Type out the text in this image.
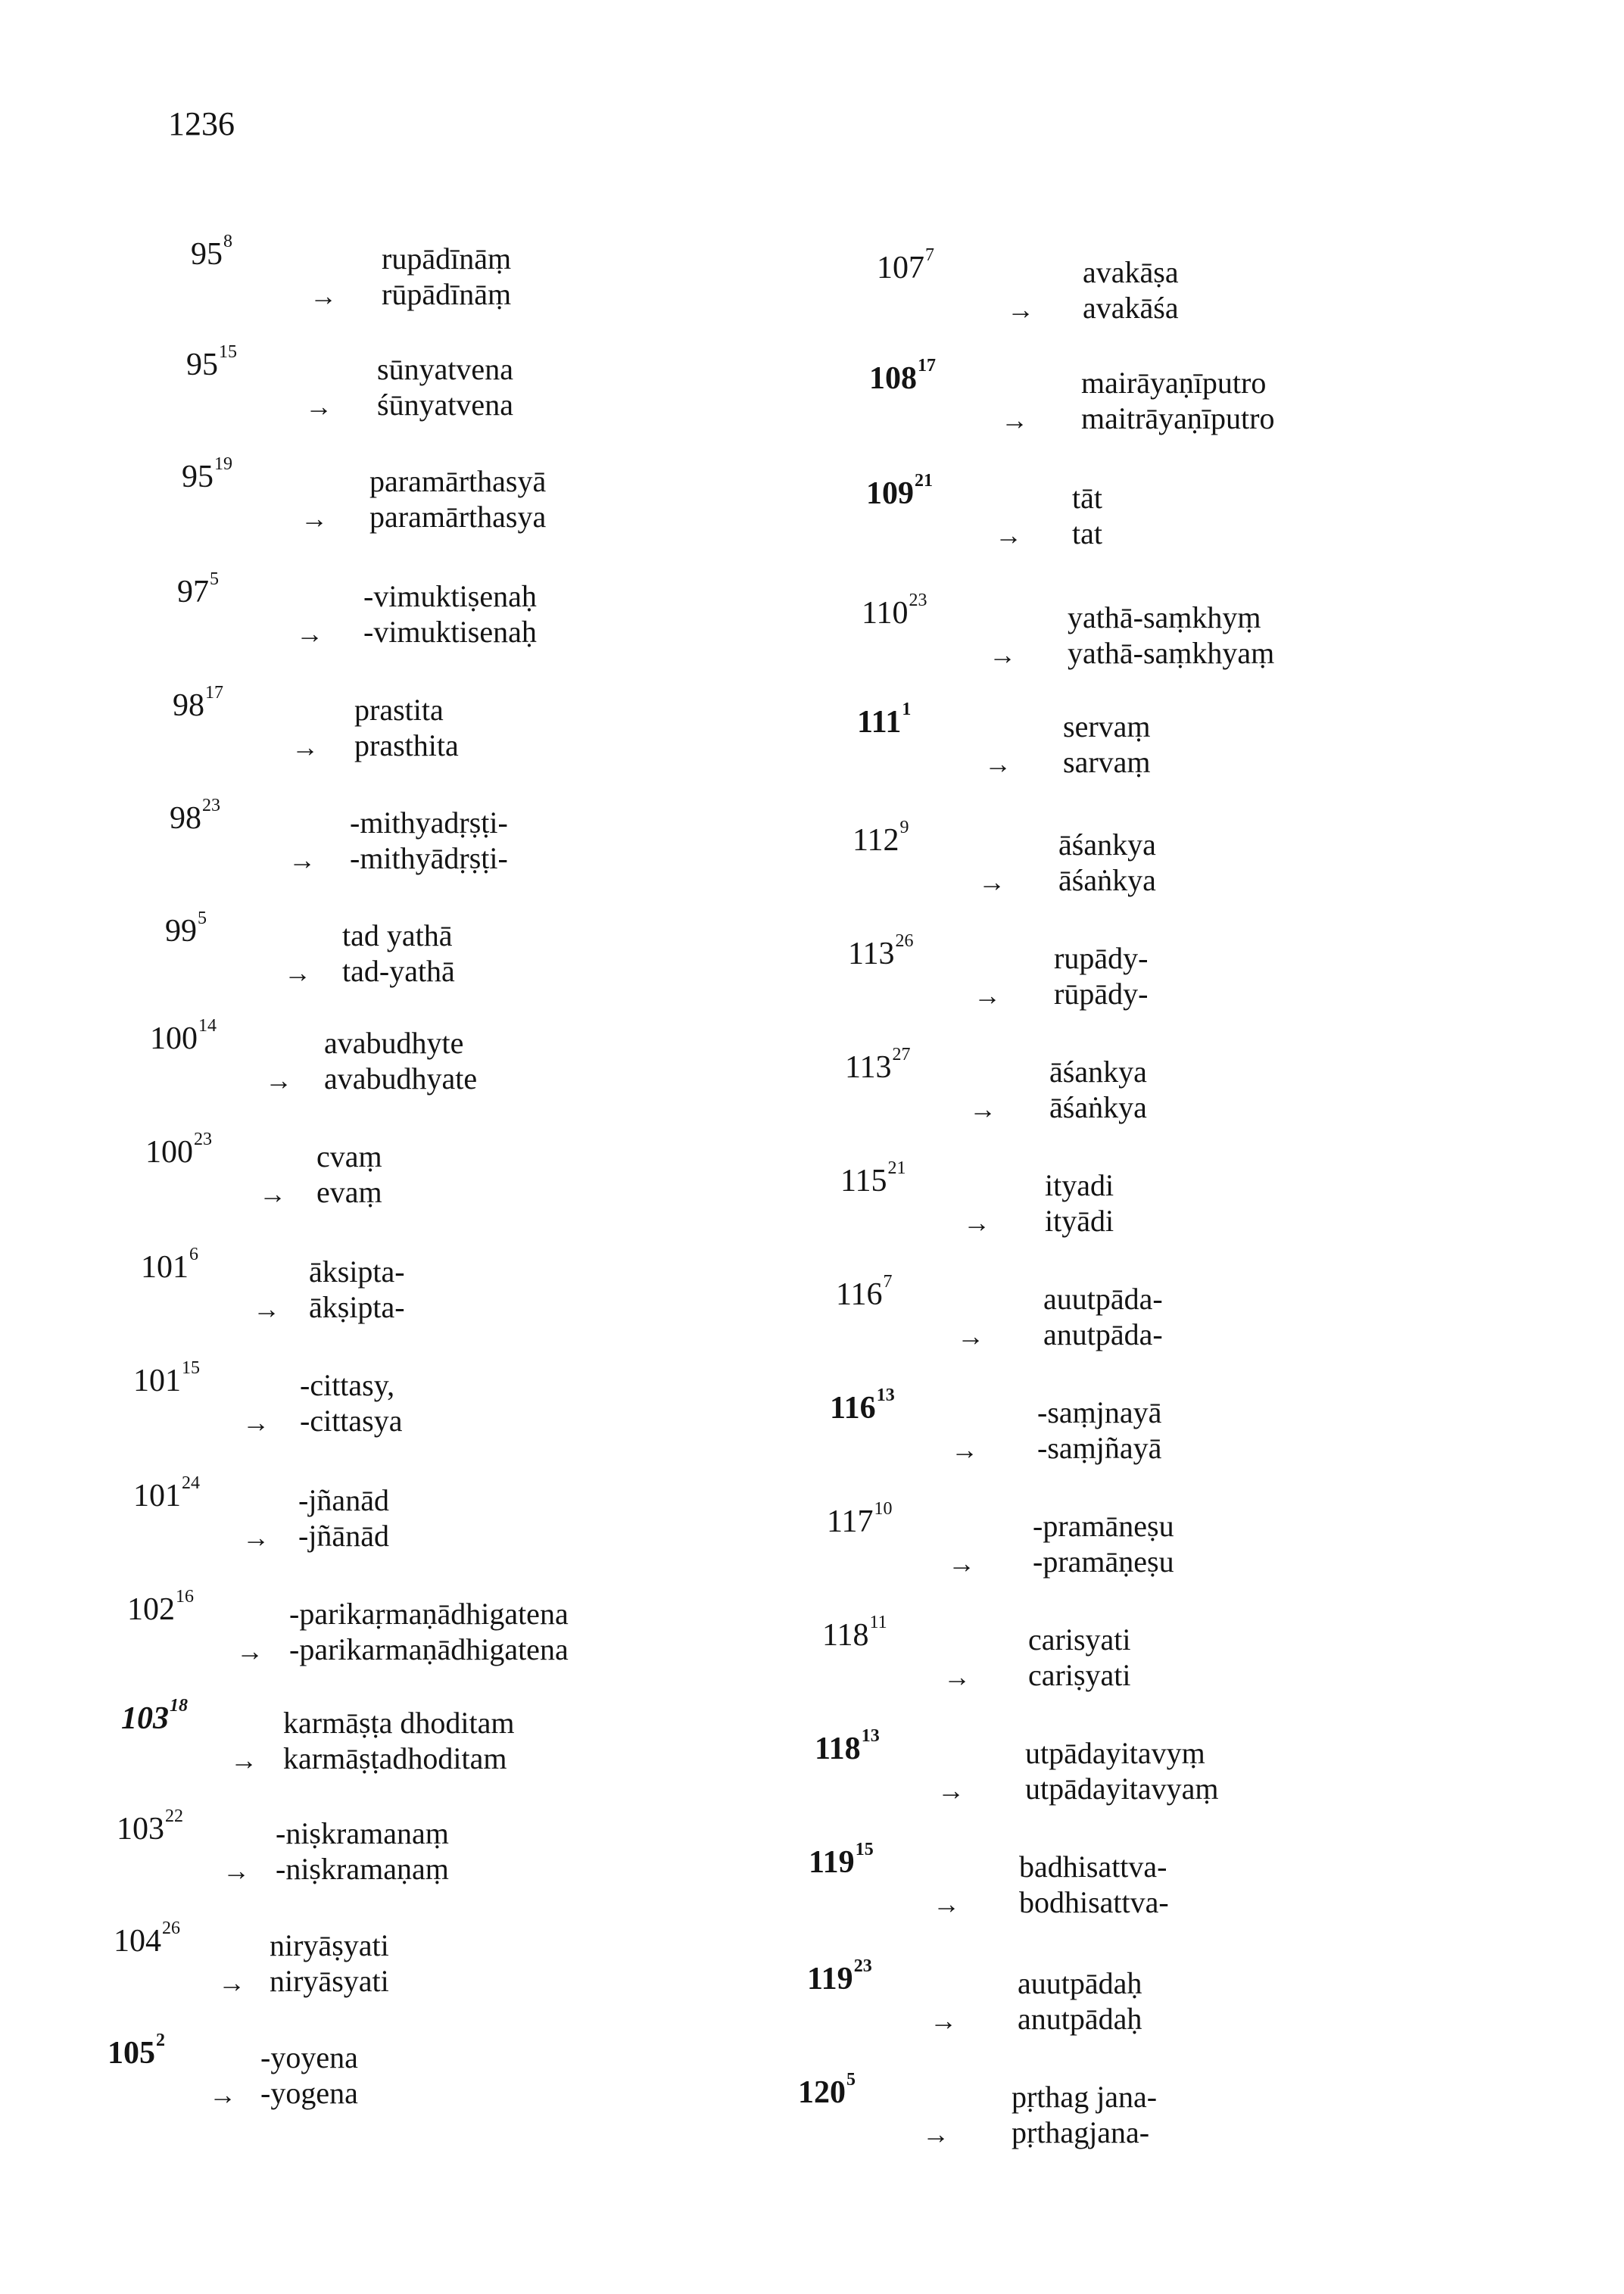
1236
$95^8$	rupādīnāṃ
→ rūpādīnāṃ
$95^{15}$	sūnyatvena
→ śūnyatvena
$95^{19}$	paramārthasyā
→ paramārthasya
$97^5$	-vimuktiṣenaḥ
→ -vimuktisenaḥ
$98^{17}$	prastita
→ prasthita
$98^{23}$	-mithyadṛṣṭi-
→ -mithyādṛṣṭi-
$99^5$	tad yathā
→ tad-yathā
$100^{14}$	avabudhyte
→ avabudhyate
$100^{23}$	cvaṃ
→ evaṃ
$101^6$	āksipta-
→ ākṣipta-
$101^{15}$	-cittasy,
→ -cittasya
$101^{24}$	-jñanād
→ -jñānād
$102^{16}$	-parikaṛmaṇādhigatena
→ -parikarmaṇādhigatena
$103^{18}$	karmāṣṭa dhoditam
→ karmāṣṭadhoditam
$103^{22}$	-niṣkramanaṃ
→ -niṣkramaṇaṃ
$104^{26}$	niryāṣyati
→ niryāsyati
$105^2$	-yoyena
→ -yogena
$107^7$	avakāṣa
→ avakāśa
$108^{17}$	mairāyaṇīputro
→ maitrāyaṇīputro
$109^{21}$	tāt
→ tat
$110^{23}$	yathā-saṃkhyṃ
→ yathā-saṃkhyaṃ
$111^1$	servaṃ
→ sarvaṃ
$112^9$	āśankya
→ āśaṅkya
$113^{26}$	rupādy-
→ rūpādy-
$113^{27}$	āśankya
→ āśaṅkya
$115^{21}$	ityadi
→ ityādi
$116^7$	auutpāda-
→ anutpāda-
$116^{13}$	-saṃjnayā
→ -saṃjñayā
$117^{10}$	-pramāneṣu
→ -pramāṇeṣu
$118^{11}$	carisyati
→ cariṣyati
$118^{13}$	utpādayitavyṃ
→ utpādayitavyaṃ
$119^{15}$	badhisattva-
→ bodhisattva-
$119^{23}$	auutpādaḥ
→ anutpādaḥ
$120^5$	pṛthag jana-
→ pṛthagjana-
